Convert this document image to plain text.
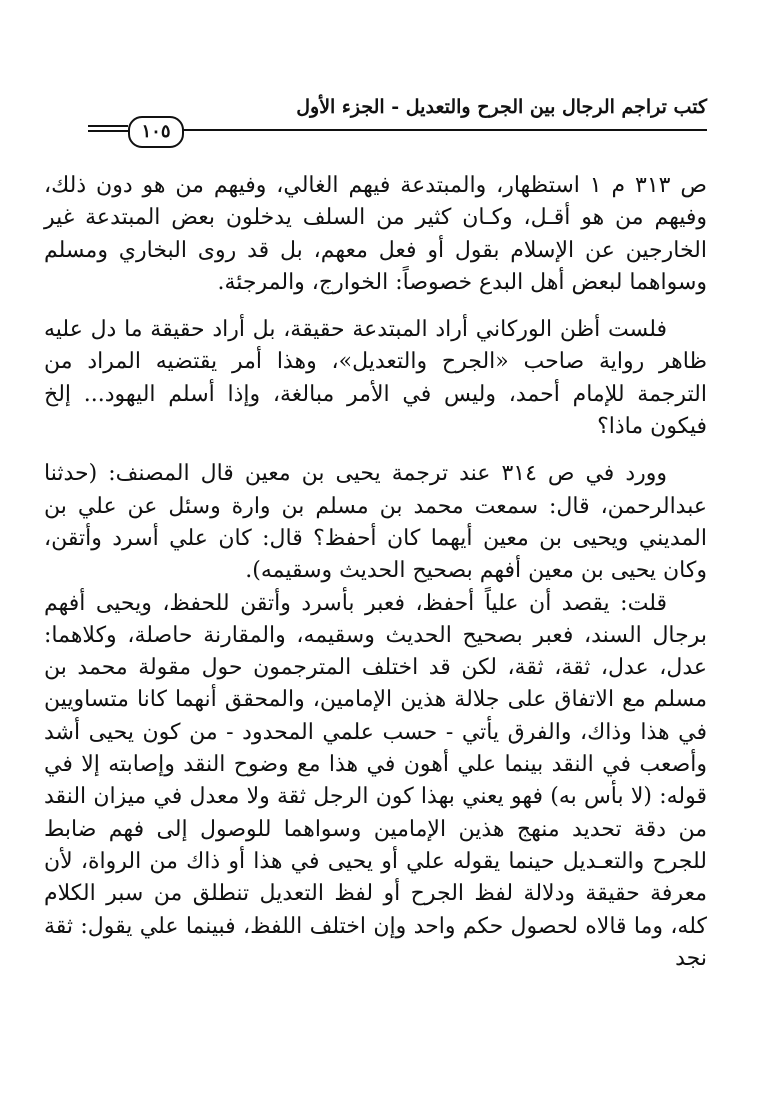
كتب تراجم الرجال بين الجرح والتعديل - الجزء الأول
١٠٥

ص ٣١٣ م ١ استظهار، والمبتدعة فيهم الغالي، وفيهم من هو دون ذلك، وفيهم من هو أقـل، وكـان كثير من السلف يدخلون بعض المبتدعة غير الخارجين عن الإسلام بقول أو فعل معهم، بل قد روى البخاري ومسلم وسواهما لبعض أهل البدع خصوصاً: الخوارج، والمرجئة.

فلست أظن الوركاني أراد المبتدعة حقيقة، بل أراد حقيقة ما دل عليه ظاهر رواية صاحب «الجرح والتعديل»، وهذا أمر يقتضيه المراد من الترجمة للإمام أحمد، وليس في الأمر مبالغة، وإذا أسلم اليهود... إلخ فيكون ماذا؟

وورد في ص ٣١٤ عند ترجمة يحيى بن معين قال المصنف: (حدثنا عبدالرحمن، قال: سمعت محمد بن مسلم بن وارة وسئل عن علي بن المديني ويحيى بن معين أيهما كان أحفظ؟ قال: كان علي أسرد وأتقن، وكان يحيى بن معين أفهم بصحيح الحديث وسقيمه).

قلت: يقصد أن علياً أحفظ، فعبر بأسرد وأتقن للحفظ، ويحيى أفهم برجال السند، فعبر بصحيح الحديث وسقيمه، والمقارنة حاصلة، وكلاهما: عدل، عدل، ثقة، ثقة، لكن قد اختلف المترجمون حول مقولة محمد بن مسلم مع الاتفاق على جلالة هذين الإمامين، والمحقق أنهما كانا متساويين في هذا وذاك، والفرق يأتي - حسب علمي المحدود - من كون يحيى أشد وأصعب في النقد بينما علي أهون في هذا مع وضوح النقد وإصابته إلا في قوله: (لا بأس به) فهو يعني بهذا كون الرجل ثقة ولا معدل في ميزان النقد من دقة تحديد منهج هذين الإمامين وسواهما للوصول إلى فهم ضابط للجرح والتعـديل حينما يقوله علي أو يحيى في هذا أو ذاك من الرواة، لأن معرفة حقيقة ودلالة لفظ الجرح أو لفظ التعديل تنطلق من سبر الكلام كله، وما قالاه لحصول حكم واحد وإن اختلف اللفظ، فبينما علي يقول: ثقة نجد
